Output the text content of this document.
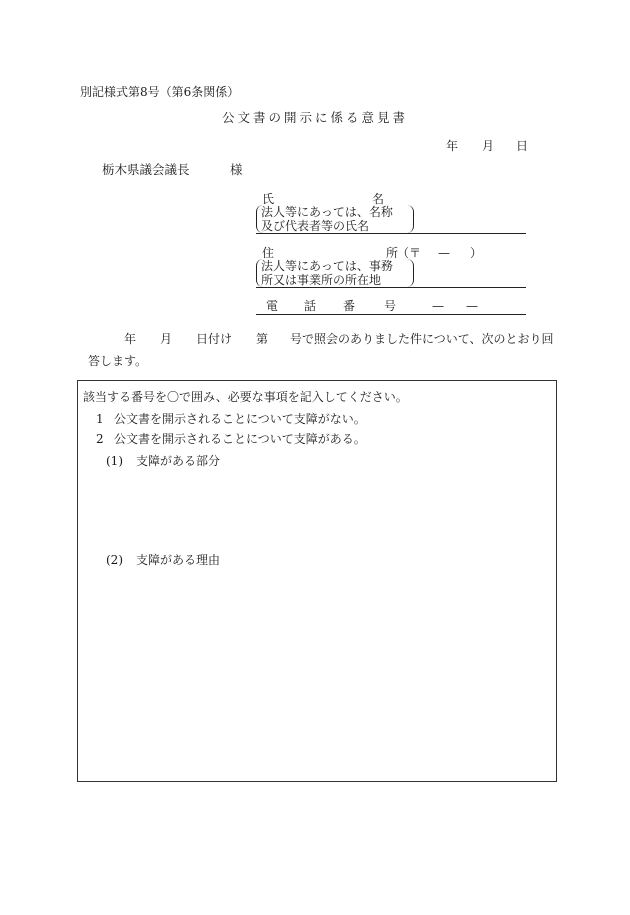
別記様式第8号（第6条関係）
公文書の開示に係る意見書
年 月 日
栃木県議会議長	様
氏	名
法人等にあっては、名称
及び代表者等の氏名
住	所
（〒 — ）
法人等にあっては、事務
所又は事業所の所在地
電 話 番 号	— —
年 月 日付け 第 号で照会のありました件について、次のとおり回
答します。
該当する番号を〇で囲み、必要な事項を記入してください。
1 公文書を開示されることについて支障がない。
2 公文書を開示されることについて支障がある。
(1) 支障がある部分
(2) 支障がある理由
